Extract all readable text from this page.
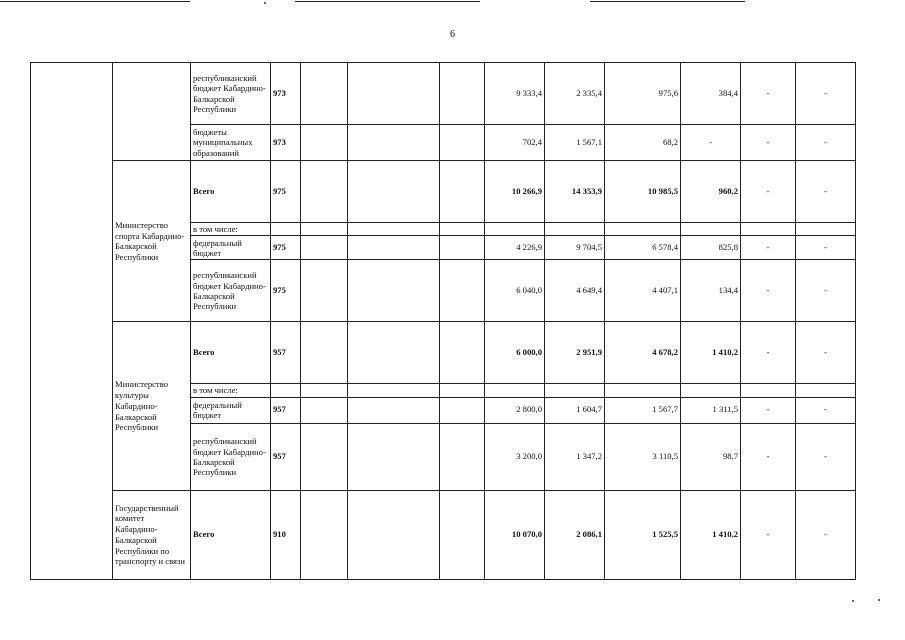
6
		республиканский бюджет Кабардино-Балкарской Республики	973				9 333,4	2 335,4	975,6	384,4	-	-
		бюджеты муниципальных образований	973				702,4	1 567,1	68,2	-	-	-
	Министерство спорта Кабардино-Балкарской Республики	Всего	975				10 266,9	14 353,9	10 985,5	960,2	-	-
		в том числе:										
		федеральный бюджет	975				4 226,9	9 704,5	6 578,4	825,8	-	-
		республиканский бюджет Кабардино-Балкарской Республики	975				6 040,0	4 649,4	4 407,1	134,4	-	-
	Министерство культуры Кабардино-Балкарской Республики	Всего	957				6 000,0	2 951,9	4 678,2	1 410,2	-	-
		в том числе:										
		федеральный бюджет	957				2 800,0	1 604,7	1 567,7	1 311,5	-	-
		республиканский бюджет Кабардино-Балкарской Республики	957				3 200,0	1 347,2	3 110,5	98,7	-	-
	Государственный комитет Кабардино-Балкарской Республики по транспорту и связи	Всего	910				10 070,0	2 086,1	1 525,5	1 410,2	-	-
